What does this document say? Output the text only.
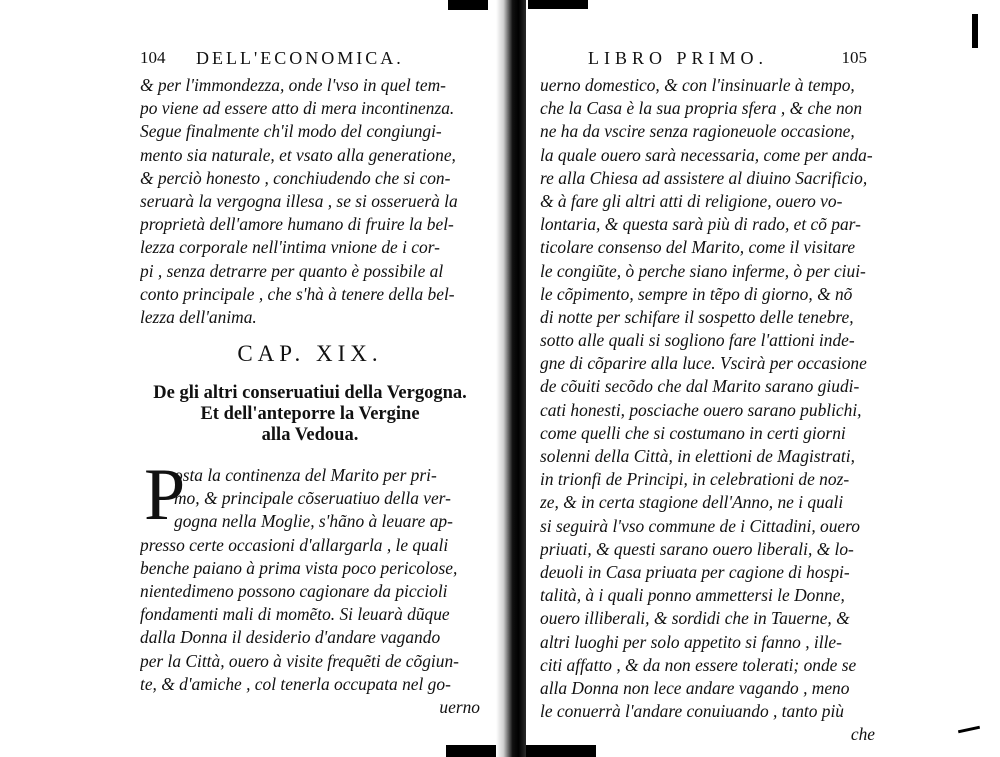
104 DELL'ECONOMICA.
& per l'immondezza, onde l'vso in quel tem-
po viene ad essere atto di mera incontinenza.
Segue finalmente ch'il modo del congiungi-
mento sia naturale, et vsato alla generatione,
& perciò honesto , conchiudendo che si con-
seruarà la vergogna illesa , se si osseruerà la
proprietà dell'amore humano di fruire la bel-
lezza corporale nell'intima vnione de i cor-
pi , senza detrarre per quanto è possibile al
conto principale , che s'hà à tenere della bel-
lezza dell'anima.
CAP. XIX.
De gli altri conseruatiui della Vergogna.
Et dell'anteporre la Vergine
alla Vedoua.
P
osta la continenza del Marito per pri-
mo, & principale cõseruatiuo della ver-
gogna nella Moglie, s'hãno à leuare ap-
presso certe occasioni d'allargarla , le quali
benche paiano à prima vista poco pericolose,
nientedimeno possono cagionare da piccioli
fondamenti mali di momẽto. Si leuarà dũque
dalla Donna il desiderio d'andare vagando
per la Città, ouero à visite frequẽti de cõgiun-
te, & d'amiche , col tenerla occupata nel go-
uerno
LIBRO PRIMO.	105
uerno domestico, & con l'insinuarle à tempo,
che la Casa è la sua propria sfera , & che non
ne ha da vscire senza ragioneuole occasione,
la quale ouero sarà necessaria, come per anda-
re alla Chiesa ad assistere al diuino Sacrificio,
& à fare gli altri atti di religione, ouero vo-
lontaria, & questa sarà più di rado, et cõ par-
ticolare consenso del Marito, come il visitare
le congiũte, ò perche siano inferme, ò per ciui-
le cõpimento, sempre in tẽpo di giorno, & nõ
di notte per schifare il sospetto delle tenebre,
sotto alle quali si sogliono fare l'attioni inde-
gne di cõparire alla luce. Vscirà per occasione
de cõuiti secõdo che dal Marito sarano giudi-
cati honesti, posciache ouero sarano publichi,
come quelli che si costumano in certi giorni
solenni della Città, in elettioni de Magistrati,
in trionfi de Principi, in celebrationi de noz-
ze, & in certa stagione dell'Anno, ne i quali
si seguirà l'vso commune de i Cittadini, ouero
priuati, & questi sarano ouero liberali, & lo-
deuoli in Casa priuata per cagione di hospi-
talità, à i quali ponno ammettersi le Donne,
ouero illiberali, & sordidi che in Tauerne, &
altri luoghi per solo appetito si fanno , ille-
citi affatto , & da non essere tolerati; onde se
alla Donna non lece andare vagando , meno
le conuerrà l'andare conuiuando , tanto più
che
